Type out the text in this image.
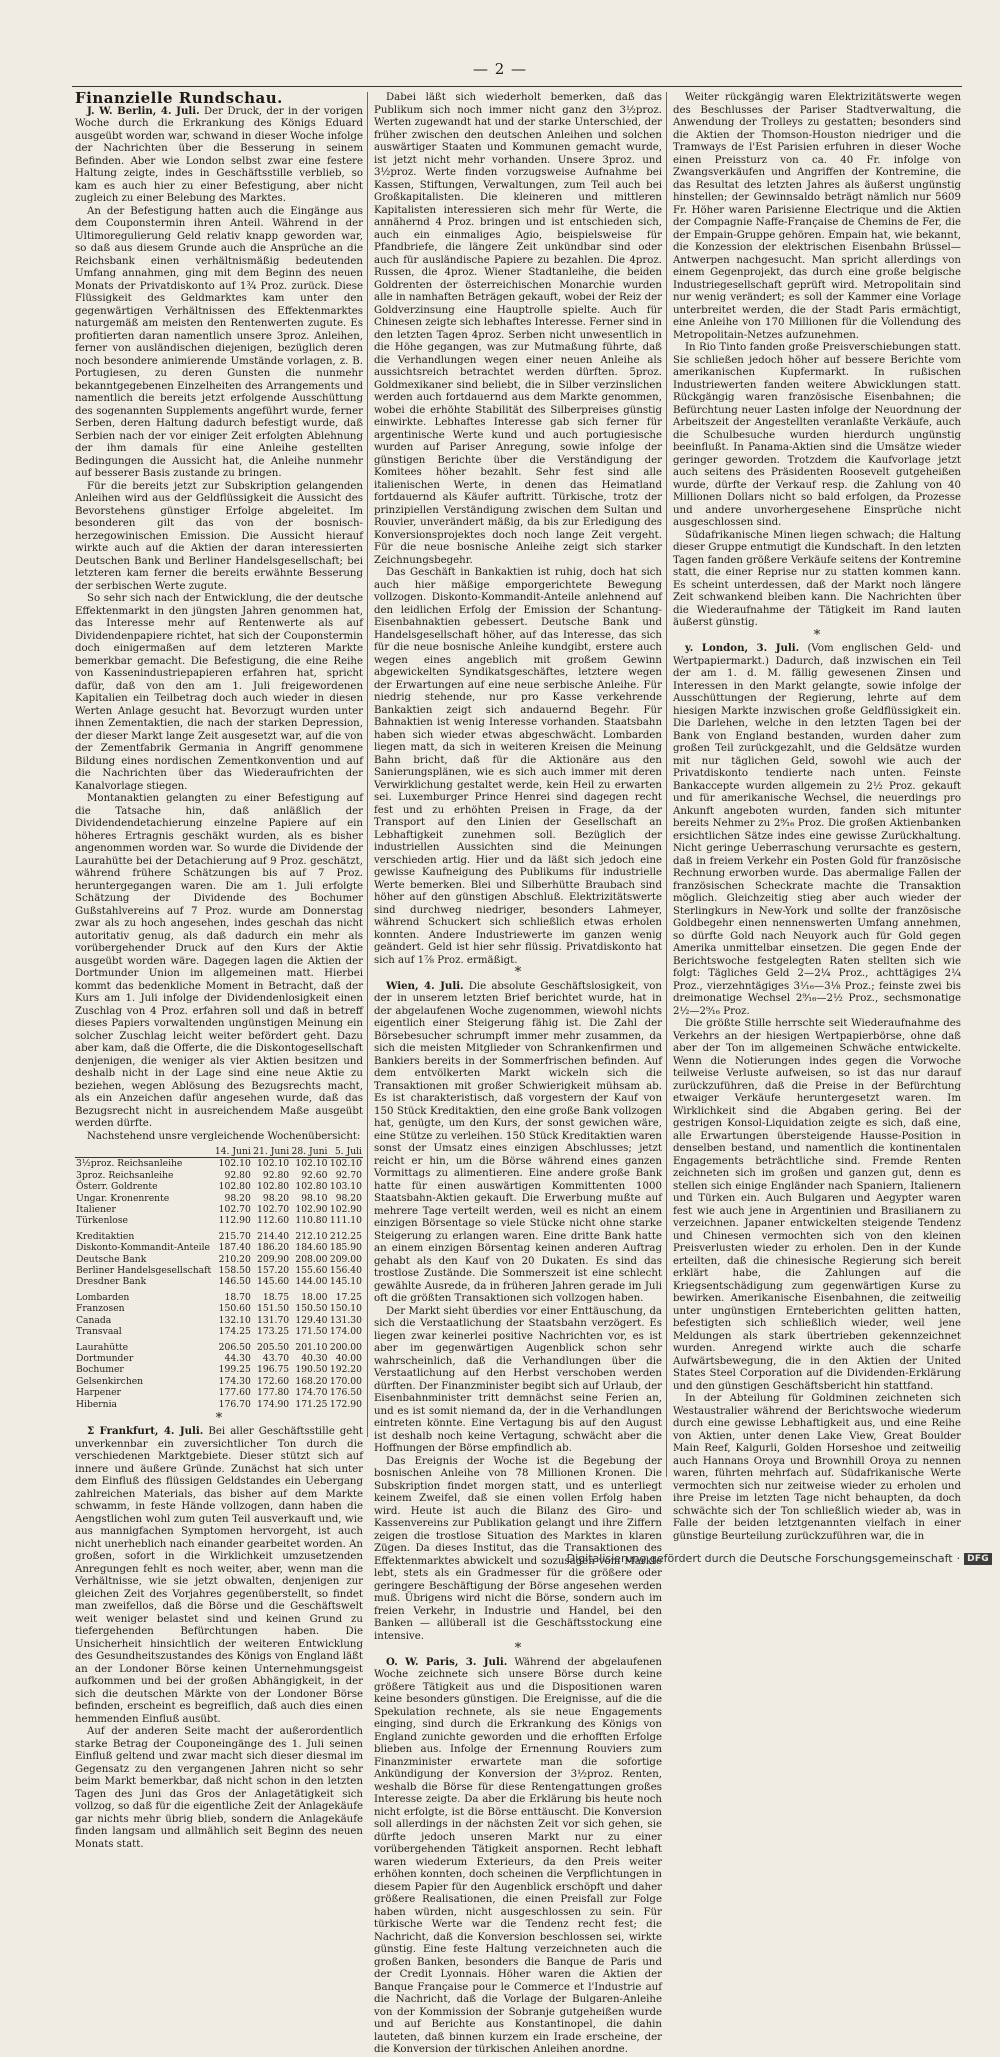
— 2 —

Finanzielle Rundschau.

J. W. Berlin, 4. Juli. Der Druck, der in der vorigen Woche durch die Erkrankung des Königs Eduard ausgeübt worden war, schwand in dieser Woche infolge der Nachrichten über die Besserung in seinem Befinden. Aber wie London selbst zwar eine festere Haltung zeigte, indes in Geschäftsstille verblieb, so kam es auch hier zu einer Befestigung, aber nicht zugleich zu einer Belebung des Marktes.

An der Befestigung hatten auch die Eingänge aus dem Couponstermin ihren Anteil. Während in der Ultimoregulierung Geld relativ knapp geworden war, so daß aus diesem Grunde auch die Ansprüche an die Reichsbank einen verhältnismäßig bedeutenden Umfang annahmen, ging mit dem Beginn des neuen Monats der Privatdiskonto auf 1¾ Proz. zurück. Diese Flüssigkeit des Geldmarktes kam unter den gegenwärtigen Verhältnissen des Effektenmarktes naturgemäß am meisten den Rentenwerten zugute. Es profitierten daran namentlich unsere 3proz. Anleihen, ferner von ausländischen diejenigen, bezüglich deren noch besondere animierende Umstände vorlagen, z. B. Portugiesen, zu deren Gunsten die nunmehr bekanntgegebenen Einzelheiten des Arrangements und namentlich die bereits jetzt erfolgende Ausschüttung des sogenannten Supplements angeführt wurde, ferner Serben, deren Haltung dadurch befestigt wurde, daß Serbien nach der vor einiger Zeit erfolgten Ablehnung der ihm damals für eine Anleihe gestellten Bedingungen die Aussicht hat, die Anleihe nunmehr auf besserer Basis zustande zu bringen.

Für die bereits jetzt zur Subskription gelangenden Anleihen wird aus der Geldflüssigkeit die Aussicht des Bevorstehens günstiger Erfolge abgeleitet. Im besonderen gilt das von der bosnisch-herzegowinischen Emission. Die Aussicht hierauf wirkte auch auf die Aktien der daran interessierten Deutschen Bank und Berliner Handelsgesellschaft; bei letzteren kam ferner die bereits erwähnte Besserung der serbischen Werte zugute.

So sehr sich nach der Entwicklung, die der deutsche Effektenmarkt in den jüngsten Jahren genommen hat, das Interesse mehr auf Rentenwerte als auf Dividendenpapiere richtet, hat sich der Couponstermin doch einigermaßen auf dem letzteren Markte bemerkbar gemacht. Die Befestigung, die eine Reihe von Kassenindustriepapieren erfahren hat, spricht dafür, daß von den am 1. Juli freigewordenen Kapitalien ein Teilbetrag doch auch wieder in diesen Werten Anlage gesucht hat. Bevorzugt wurden unter ihnen Zementaktien, die nach der starken Depression, der dieser Markt lange Zeit ausgesetzt war, auf die von der Zementfabrik Germania in Angriff genommene Bildung eines nordischen Zementkonvention und auf die Nachrichten über das Wiederaufrichten der Kanalvorlage stiegen.

Montanaktien gelangten zu einer Befestigung auf die Tatsache hin, daß anläßlich der Dividendendetachierung einzelne Papiere auf ein höheres Ertragnis geschäkt wurden, als es bisher angenommen worden war. So wurde die Dividende der Laurahütte bei der Detachierung auf 9 Proz. geschätzt, während frühere Schätzungen bis auf 7 Proz. heruntergegangen waren. Die am 1. Juli erfolgte Schätzung der Dividende des Bochumer Gußstahlvereins auf 7 Proz. wurde am Donnerstag zwar als zu hoch angesehen, indes geschah das nicht autoritativ genug, als daß dadurch ein mehr als vorübergehender Druck auf den Kurs der Aktie ausgeübt worden wäre. Dagegen lagen die Aktien der Dortmunder Union im allgemeinen matt. Hierbei kommt das bedenkliche Moment in Betracht, daß der Kurs am 1. Juli infolge der Dividendenlosigkeit einen Zuschlag von 4 Proz. erfahren soll und daß in betreff dieses Papiers vorwaltenden ungünstigen Meinung ein solcher Zuschlag leicht weiter befördert geht. Dazu aber kam, daß die Offerte, die die Diskontogesellschaft denjenigen, die weniger als vier Aktien besitzen und deshalb nicht in der Lage sind eine neue Aktie zu beziehen, wegen Ablösung des Bezugsrechts macht, als ein Anzeichen dafür angesehen wurde, daß das Bezugsrecht nicht in ausreichendem Maße ausgeübt werden dürfte.

Nachstehend unsre vergleichende Wochenübersicht:

	14. Juni	21. Juni	28. Juni	5. Juli
3½proz. Reichsanleihe	102.10	102.10	102.10	102.10
3proz. Reichsanleihe	92.80	92.80	92.60	92.70
Österr. Goldrente	102.80	102.80	102.80	103.10
Ungar. Kronenrente	98.20	98.20	98.10	98.20
Italiener	102.70	102.70	102.90	102.90
Türkenlose	112.90	112.60	110.80	111.10
Kreditaktien	215.70	214.40	212.10	212.25
Diskonto-Kommandit-Anteile	187.40	186.20	184.60	185.90
Deutsche Bank	210.20	209.90	208.00	209.00
Berliner Handelsgesellschaft	158.50	157.20	155.60	156.40
Dresdner Bank	146.50	145.60	144.00	145.10
Lombarden	18.70	18.75	18.00	17.25
Franzosen	150.60	151.50	150.50	150.10
Canada	132.10	131.70	129.40	131.30
Transvaal	174.25	173.25	171.50	174.00
Laurahütte	206.50	205.50	201.10	200.00
Dortmunder	44.30	43.70	40.30	40.00
Bochumer	199.25	196.75	190.50	192.20
Gelsenkirchen	174.30	172.60	168.20	170.00
Harpener	177.60	177.80	174.70	176.50
Hibernia	176.70	174.90	171.25	172.90

*

Σ Frankfurt, 4. Juli. Bei aller Geschäftsstille geht unverkennbar ein zuversichtlicher Ton durch die verschiedenen Marktgebiete. Dieser stützt sich auf innere und äußere Gründe. Zunächst hat sich unter dem Einfluß des flüssigen Geldstandes ein Uebergang zahlreichen Materials, das bisher auf dem Markte schwamm, in feste Hände vollzogen, dann haben die Aengstlichen wohl zum guten Teil ausverkauft und, wie aus mannigfachen Symptomen hervorgeht, ist auch nicht unerheblich nach einander gearbeitet worden. An großen, sofort in die Wirklichkeit umzusetzenden Anregungen fehlt es noch weiter, aber, wenn man die Verhältnisse, wie sie jetzt obwalten, denjenigen zur gleichen Zeit des Vorjahres gegenüberstellt, so findet man zweifellos, daß die Börse und die Geschäftswelt weit weniger belastet sind und keinen Grund zu tiefergehenden Befürchtungen haben. Die Unsicherheit hinsichtlich der weiteren Entwicklung des Gesundheitszustandes des Königs von England läßt an der Londoner Börse keinen Unternehmungsgeist aufkommen und bei der großen Abhängigkeit, in der sich die deutschen Märkte von der Londoner Börse befinden, erscheint es begreiflich, daß auch dies einen hemmenden Einfluß ausübt.

Auf der anderen Seite macht der außerordentlich starke Betrag der Couponeingänge des 1. Juli seinen Einfluß geltend und zwar macht sich dieser diesmal im Gegensatz zu den vergangenen Jahren nicht so sehr beim Markt bemerkbar, daß nicht schon in den letzten Tagen des Juni das Gros der Anlagetätigkeit sich vollzog, so daß für die eigentliche Zeit der Anlagekäufe gar nichts mehr übrig blieb, sondern die Anlagekäufe finden langsam und allmählich seit Beginn des neuen Monats statt.

Dabei läßt sich wiederholt bemerken, daß das Publikum sich noch immer nicht ganz den 3½proz. Werten zugewandt hat und der starke Unterschied, der früher zwischen den deutschen Anleihen und solchen auswärtiger Staaten und Kommunen gemacht wurde, ist jetzt nicht mehr vorhanden. Unsere 3proz. und 3½proz. Werte finden vorzugsweise Aufnahme bei Kassen, Stiftungen, Verwaltungen, zum Teil auch bei Großkapitalisten. Die kleineren und mittleren Kapitalisten interessieren sich mehr für Werte, die annähernd 4 Proz. bringen und ist entschieden sich, auch ein einmaliges Agio, beispielsweise für Pfandbriefe, die längere Zeit unkündbar sind oder auch für ausländische Papiere zu bezahlen. Die 4proz. Russen, die 4proz. Wiener Stadtanleihe, die beiden Goldrenten der österreichischen Monarchie wurden alle in namhaften Beträgen gekauft, wobei der Reiz der Goldverzinsung eine Hauptrolle spielte. Auch für Chinesen zeigte sich lebhaftes Interesse. Ferner sind in den letzten Tagen 4proz. Serben nicht unwesentlich in die Höhe gegangen, was zur Mutmaßung führte, daß die Verhandlungen wegen einer neuen Anleihe als aussichtsreich betrachtet werden dürften. 5proz. Goldmexikaner sind beliebt, die in Silber verzinslichen werden auch fortdauernd aus dem Markte genommen, wobei die erhöhte Stabilität des Silberpreises günstig einwirkte. Lebhaftes Interesse gab sich ferner für argentinische Werte kund und auch portugiesische wurden auf Pariser Anregung, sowie infolge der günstigen Berichte über die Verständigung der Komitees höher bezahlt. Sehr fest sind alle italienischen Werte, in denen das Heimatland fortdauernd als Käufer auftritt. Türkische, trotz der prinzipiellen Verständigung zwischen dem Sultan und Rouvier, unverändert mäßig, da bis zur Erledigung des Konversionsprojektes doch noch lange Zeit vergeht. Für die neue bosnische Anleihe zeigt sich starker Zeichnungsbegehr.

Das Geschäft in Bankaktien ist ruhig, doch hat sich auch hier mäßige emporgerichtete Bewegung vollzogen. Diskonto-Kommandit-Anteile anlehnend auf den leidlichen Erfolg der Emission der Schantung-Eisenbahnaktien gebessert. Deutsche Bank und Handelsgesellschaft höher, auf das Interesse, das sich für die neue bosnische Anleihe kundgibt, erstere auch wegen eines angeblich mit großem Gewinn abgewickelten Syndikatsgeschäftes, letztere wegen der Erwartungen auf eine neue serbische Anleihe. Für niedrig stehende, nur pro Kasse verkehrende Bankaktien zeigt sich andauernd Begehr. Für Bahnaktien ist wenig Interesse vorhanden. Staatsbahn haben sich wieder etwas abgeschwächt. Lombarden liegen matt, da sich in weiteren Kreisen die Meinung Bahn bricht, daß für die Aktionäre aus den Sanierungsplänen, wie es sich auch immer mit deren Verwirklichung gestaltet werde, kein Heil zu erwarten sei. Luxemburger Prince Henrei sind dagegen recht fest und zu erhöhten Preisen in Frage, da der Transport auf den Linien der Gesellschaft an Lebhaftigkeit zunehmen soll. Bezüglich der industriellen Aussichten sind die Meinungen verschieden artig. Hier und da läßt sich jedoch eine gewisse Kaufneigung des Publikums für industrielle Werte bemerken. Blei und Silberhütte Braubach sind höher auf den günstigen Abschluß. Elektrizitätswerte sind durchweg niedriger, besonders Lahmeyer, während Schuckert sich schließlich etwas erholen konnten. Andere Industriewerte im ganzen wenig geändert. Geld ist hier sehr flüssig. Privatdiskonto hat sich auf 1⅞ Proz. ermäßigt.

*

Wien, 4. Juli. Die absolute Geschäftslosigkeit, von der in unserem letzten Brief berichtet wurde, hat in der abgelaufenen Woche zugenommen, wiewohl nichts eigentlich einer Steigerung fähig ist. Die Zahl der Börsebesucher schrumpft immer mehr zusammen, da sich die meisten Mitglieder von Schrankenfirmen und Bankiers bereits in der Sommerfrischen befinden. Auf dem entvölkerten Markt wickeln sich die Transaktionen mit großer Schwierigkeit mühsam ab. Es ist charakteristisch, daß vorgestern der Kauf von 150 Stück Kreditaktien, den eine große Bank vollzogen hat, genügte, um den Kurs, der sonst gewichen wäre, eine Stütze zu verleihen. 150 Stück Kreditaktien waren sonst der Umsatz eines einzigen Abschlusses; jetzt reicht er hin, um die Börse während eines ganzen Vormittags zu alimentieren. Eine andere große Bank hatte für einen auswärtigen Kommittenten 1000 Staatsbahn-Aktien gekauft. Die Erwerbung mußte auf mehrere Tage verteilt werden, weil es nicht an einem einzigen Börsentage so viele Stücke nicht ohne starke Steigerung zu erlangen waren. Eine dritte Bank hatte an einem einzigen Börsentag keinen anderen Auftrag gehabt als den Kauf von 20 Dukaten. Es sind das trostlose Zustände. Die Sommerszeit ist eine schlecht gewählte Ausrede, da in früheren Jahren gerade im Juli oft die größten Transaktionen sich vollzogen haben.

Der Markt sieht überdies vor einer Enttäuschung, da sich die Verstaatlichung der Staatsbahn verzögert. Es liegen zwar keinerlei positive Nachrichten vor, es ist aber im gegenwärtigen Augenblick schon sehr wahrscheinlich, daß die Verhandlungen über die Verstaatlichung auf den Herbst verschoben werden dürften. Der Finanzminister begibt sich auf Urlaub, der Eisenbahnminister tritt demnächst seine Ferien an, und es ist somit niemand da, der in die Verhandlungen eintreten könnte. Eine Vertagung bis auf den August ist deshalb noch keine Vertagung, schwächt aber die Hoffnungen der Börse empfindlich ab.

Das Ereignis der Woche ist die Begebung der bosnischen Anleihe von 78 Millionen Kronen. Die Subskription findet morgen statt, und es unterliegt keinem Zweifel, daß sie einen vollen Erfolg haben wird. Heute ist auch die Bilanz des Giro- und Kassenvereins zur Publikation gelangt und ihre Ziffern zeigen die trostlose Situation des Marktes in klaren Zügen. Da dieses Institut, das die Transaktionen des Effektenmarktes abwickelt und sozusagen vom Markte lebt, stets als ein Gradmesser für die größere oder geringere Beschäftigung der Börse angesehen werden muß. Übrigens wird nicht die Börse, sondern auch im freien Verkehr, in Industrie und Handel, bei den Banken — allüberall ist die Geschäftsstockung eine intensive.

*

O. W. Paris, 3. Juli. Während der abgelaufenen Woche zeichnete sich unsere Börse durch keine größere Tätigkeit aus und die Dispositionen waren keine besonders günstigen. Die Ereignisse, auf die die Spekulation rechnete, als sie neue Engagements einging, sind durch die Erkrankung des Königs von England zunichte geworden und die erhofften Erfolge blieben aus. Infolge der Ernennung Rouviers zum Finanzminister erwartete man die sofortige Ankündigung der Konversion der 3½proz. Renten, weshalb die Börse für diese Rentengattungen großes Interesse zeigte. Da aber die Erklärung bis heute noch nicht erfolgte, ist die Börse enttäuscht. Die Konversion soll allerdings in der nächsten Zeit vor sich gehen, sie dürfte jedoch unseren Markt nur zu einer vorübergehenden Tätigkeit anspornen. Recht lebhaft waren wiederum Exterieurs, da den Preis weiter erhöhen konnten, doch scheinen die Verpflichtungen in diesem Papier für den Augenblick erschöpft und daher größere Realisationen, die einen Preisfall zur Folge haben würden, nicht ausgeschlossen zu sein. Für türkische Werte war die Tendenz recht fest; die Nachricht, daß die Konversion beschlossen sei, wirkte günstig. Eine feste Haltung verzeichneten auch die großen Banken, besonders die Banque de Paris und der Credit Lyonnais. Höher waren die Aktien der Banque Française pour le Commerce et l'Industrie auf die Nachricht, daß die Vorlage der Bulgaren-Anleihe von der Kommission der Sobranje gutgeheißen wurde und auf Berichte aus Konstantinopel, die dahin lauteten, daß binnen kurzem ein Irade erscheine, der die Konversion der türkischen Anleihen anordne.

Weiter rückgängig waren Elektrizitätswerte wegen des Beschlusses der Pariser Stadtverwaltung, die Anwendung der Trolleys zu gestatten; besonders sind die Aktien der Thomson-Houston niedriger und die Tramways de l'Est Parisien erfuhren in dieser Woche einen Preissturz von ca. 40 Fr. infolge von Zwangsverkäufen und Angriffen der Kontremine, die das Resultat des letzten Jahres als äußerst ungünstig hinstellen; der Gewinnsaldo beträgt nämlich nur 5609 Fr. Höher waren Parisienne Electrique und die Aktien der Compagnie Naffe-Française de Chemins de Fer, die der Empain-Gruppe gehören. Empain hat, wie bekannt, die Konzession der elektrischen Eisenbahn Brüssel—Antwerpen nachgesucht. Man spricht allerdings von einem Gegenprojekt, das durch eine große belgische Industriegesellschaft geprüft wird. Metropolitain sind nur wenig verändert; es soll der Kammer eine Vorlage unterbreitet werden, die der Stadt Paris ermächtigt, eine Anleihe von 170 Millionen für die Vollendung des Metropolitain-Netzes aufzunehmen.

In Rio Tinto fanden große Preisverschiebungen statt. Sie schließen jedoch höher auf bessere Berichte vom amerikanischen Kupfermarkt. In rußischen Industriewerten fanden weitere Abwicklungen statt. Rückgängig waren französische Eisenbahnen; die Befürchtung neuer Lasten infolge der Neuordnung der Arbeitszeit der Angestellten veranlaßte Verkäufe, auch die Schulbesuche wurden hierdurch ungünstig beeinflußt. In Panama-Aktien sind die Umsätze wieder geringer geworden. Trotzdem die Kaufvorlage jetzt auch seitens des Präsidenten Roosevelt gutgeheißen wurde, dürfte der Verkauf resp. die Zahlung von 40 Millionen Dollars nicht so bald erfolgen, da Prozesse und andere unvorhergesehene Einsprüche nicht ausgeschlossen sind.

Südafrikanische Minen liegen schwach; die Haltung dieser Gruppe entmutigt die Kundschaft. In den letzten Tagen fanden größere Verkäufe seitens der Kontremine statt, die einer Reprise nur zu statten kommen kann. Es scheint unterdessen, daß der Markt noch längere Zeit schwankend bleiben kann. Die Nachrichten über die Wiederaufnahme der Tätigkeit im Rand lauten äußerst günstig.

*

y. London, 3. Juli. (Vom englischen Geld- und Wertpapiermarkt.) Dadurch, daß inzwischen ein Teil der am 1. d. M. fällig gewesenen Zinsen und Interessen in den Markt gelangte, sowie infolge der Ausschüttungen der Regierung, lehrte auf dem hiesigen Markte inzwischen große Geldflüssigkeit ein. Die Darlehen, welche in den letzten Tagen bei der Bank von England bestanden, wurden daher zum großen Teil zurückgezahlt, und die Geldsätze wurden mit nur täglichen Geld, sowohl wie auch der Privatdiskonto tendierte nach unten. Feinste Bankaccepte wurden allgemein zu 2½ Proz. gekauft und für amerikanische Wechsel, die neuerdings pro Ankunft angeboten wurden, fanden sich mitunter bereits Nehmer zu 2⁹⁄₁₆ Proz. Die großen Aktienbanken ersichtlichen Sätze indes eine gewisse Zurückhaltung. Nicht geringe Ueberraschung verursachte es gestern, daß in freiem Verkehr ein Posten Gold für französische Rechnung erworben wurde. Das abermalige Fallen der französischen Scheckrate machte die Transaktion möglich. Gleichzeitig stieg aber auch wieder der Sterlingkurs in New-York und sollte der französische Goldbegehr einen nennenswerten Umfang annehmen, so dürfte Gold nach Neuyork auch für Gold gegen Amerika unmittelbar einsetzen. Die gegen Ende der Berichtswoche festgelegten Raten stellten sich wie folgt: Tägliches Geld 2—2¼ Proz., achttägiges 2¼ Proz., vierzehntägiges 3¹⁄₁₆—3⅛ Proz.; feinste zwei bis dreimonatige Wechsel 2⁹⁄₁₆—2½ Proz., sechsmonatige 2½—2⁹⁄₁₆ Proz.

Die größte Stille herrschte seit Wiederaufnahme des Verkehrs an der hiesigen Wertpapierbörse, ohne daß aber der Ton im allgemeinen Schwäche entwickelte. Wenn die Notierungen indes gegen die Vorwoche teilweise Verluste aufweisen, so ist das nur darauf zurückzuführen, daß die Preise in der Befürchtung etwaiger Verkäufe heruntergesetzt waren. Im Wirklichkeit sind die Abgaben gering. Bei der gestrigen Konsol-Liquidation zeigte es sich, daß eine, alle Erwartungen übersteigende Hausse-Position in denselben bestand, und namentlich die kontinentalen Engagements beträchtliche sind. Fremde Renten zeichneten sich im großen und ganzen gut, denn es stellen sich einige Engländer nach Spaniern, Italienern und Türken ein. Auch Bulgaren und Aegypter waren fest wie auch jene in Argentinien und Brasilianern zu verzeichnen. Japaner entwickelten steigende Tendenz und Chinesen vermochten sich von den kleinen Preisverlusten wieder zu erholen. Den in der Kunde erteilten, daß die chinesische Regierung sich bereit erklärt habe, die Zahlungen auf die Kriegsentschädigung zum gegenwärtigen Kurse zu bewirken. Amerikanische Eisenbahnen, die zeitweilig unter ungünstigen Ernteberichten gelitten hatten, befestigten sich schließlich wieder, weil jene Meldungen als stark übertrieben gekennzeichnet wurden. Anregend wirkte auch die scharfe Aufwärtsbewegung, die in den Aktien der United States Steel Corporation auf die Dividenden-Erklärung und den günstigen Geschäftsbericht hin stattfand.

In der Abteilung für Goldminen zeichneten sich Westaustralier während der Berichtswoche wiederum durch eine gewisse Lebhaftigkeit aus, und eine Reihe von Aktien, unter denen Lake View, Great Boulder Main Reef, Kalgurli, Golden Horseshoe und zeitweilig auch Hannans Oroya und Brownhill Oroya zu nennen waren, führten mehrfach auf. Südafrikanische Werte vermochten sich nur zeitweise wieder zu erholen und ihre Preise im letzten Tage nicht behaupten, da doch schwächte sich der Ton schließlich wieder ab, was in Falle der beiden letztgenannten vielfach in einer günstige Beurteilung zurückzuführen war, die in

Digitalisierung gefördert durch die Deutsche Forschungsgemeinschaft · DFG
